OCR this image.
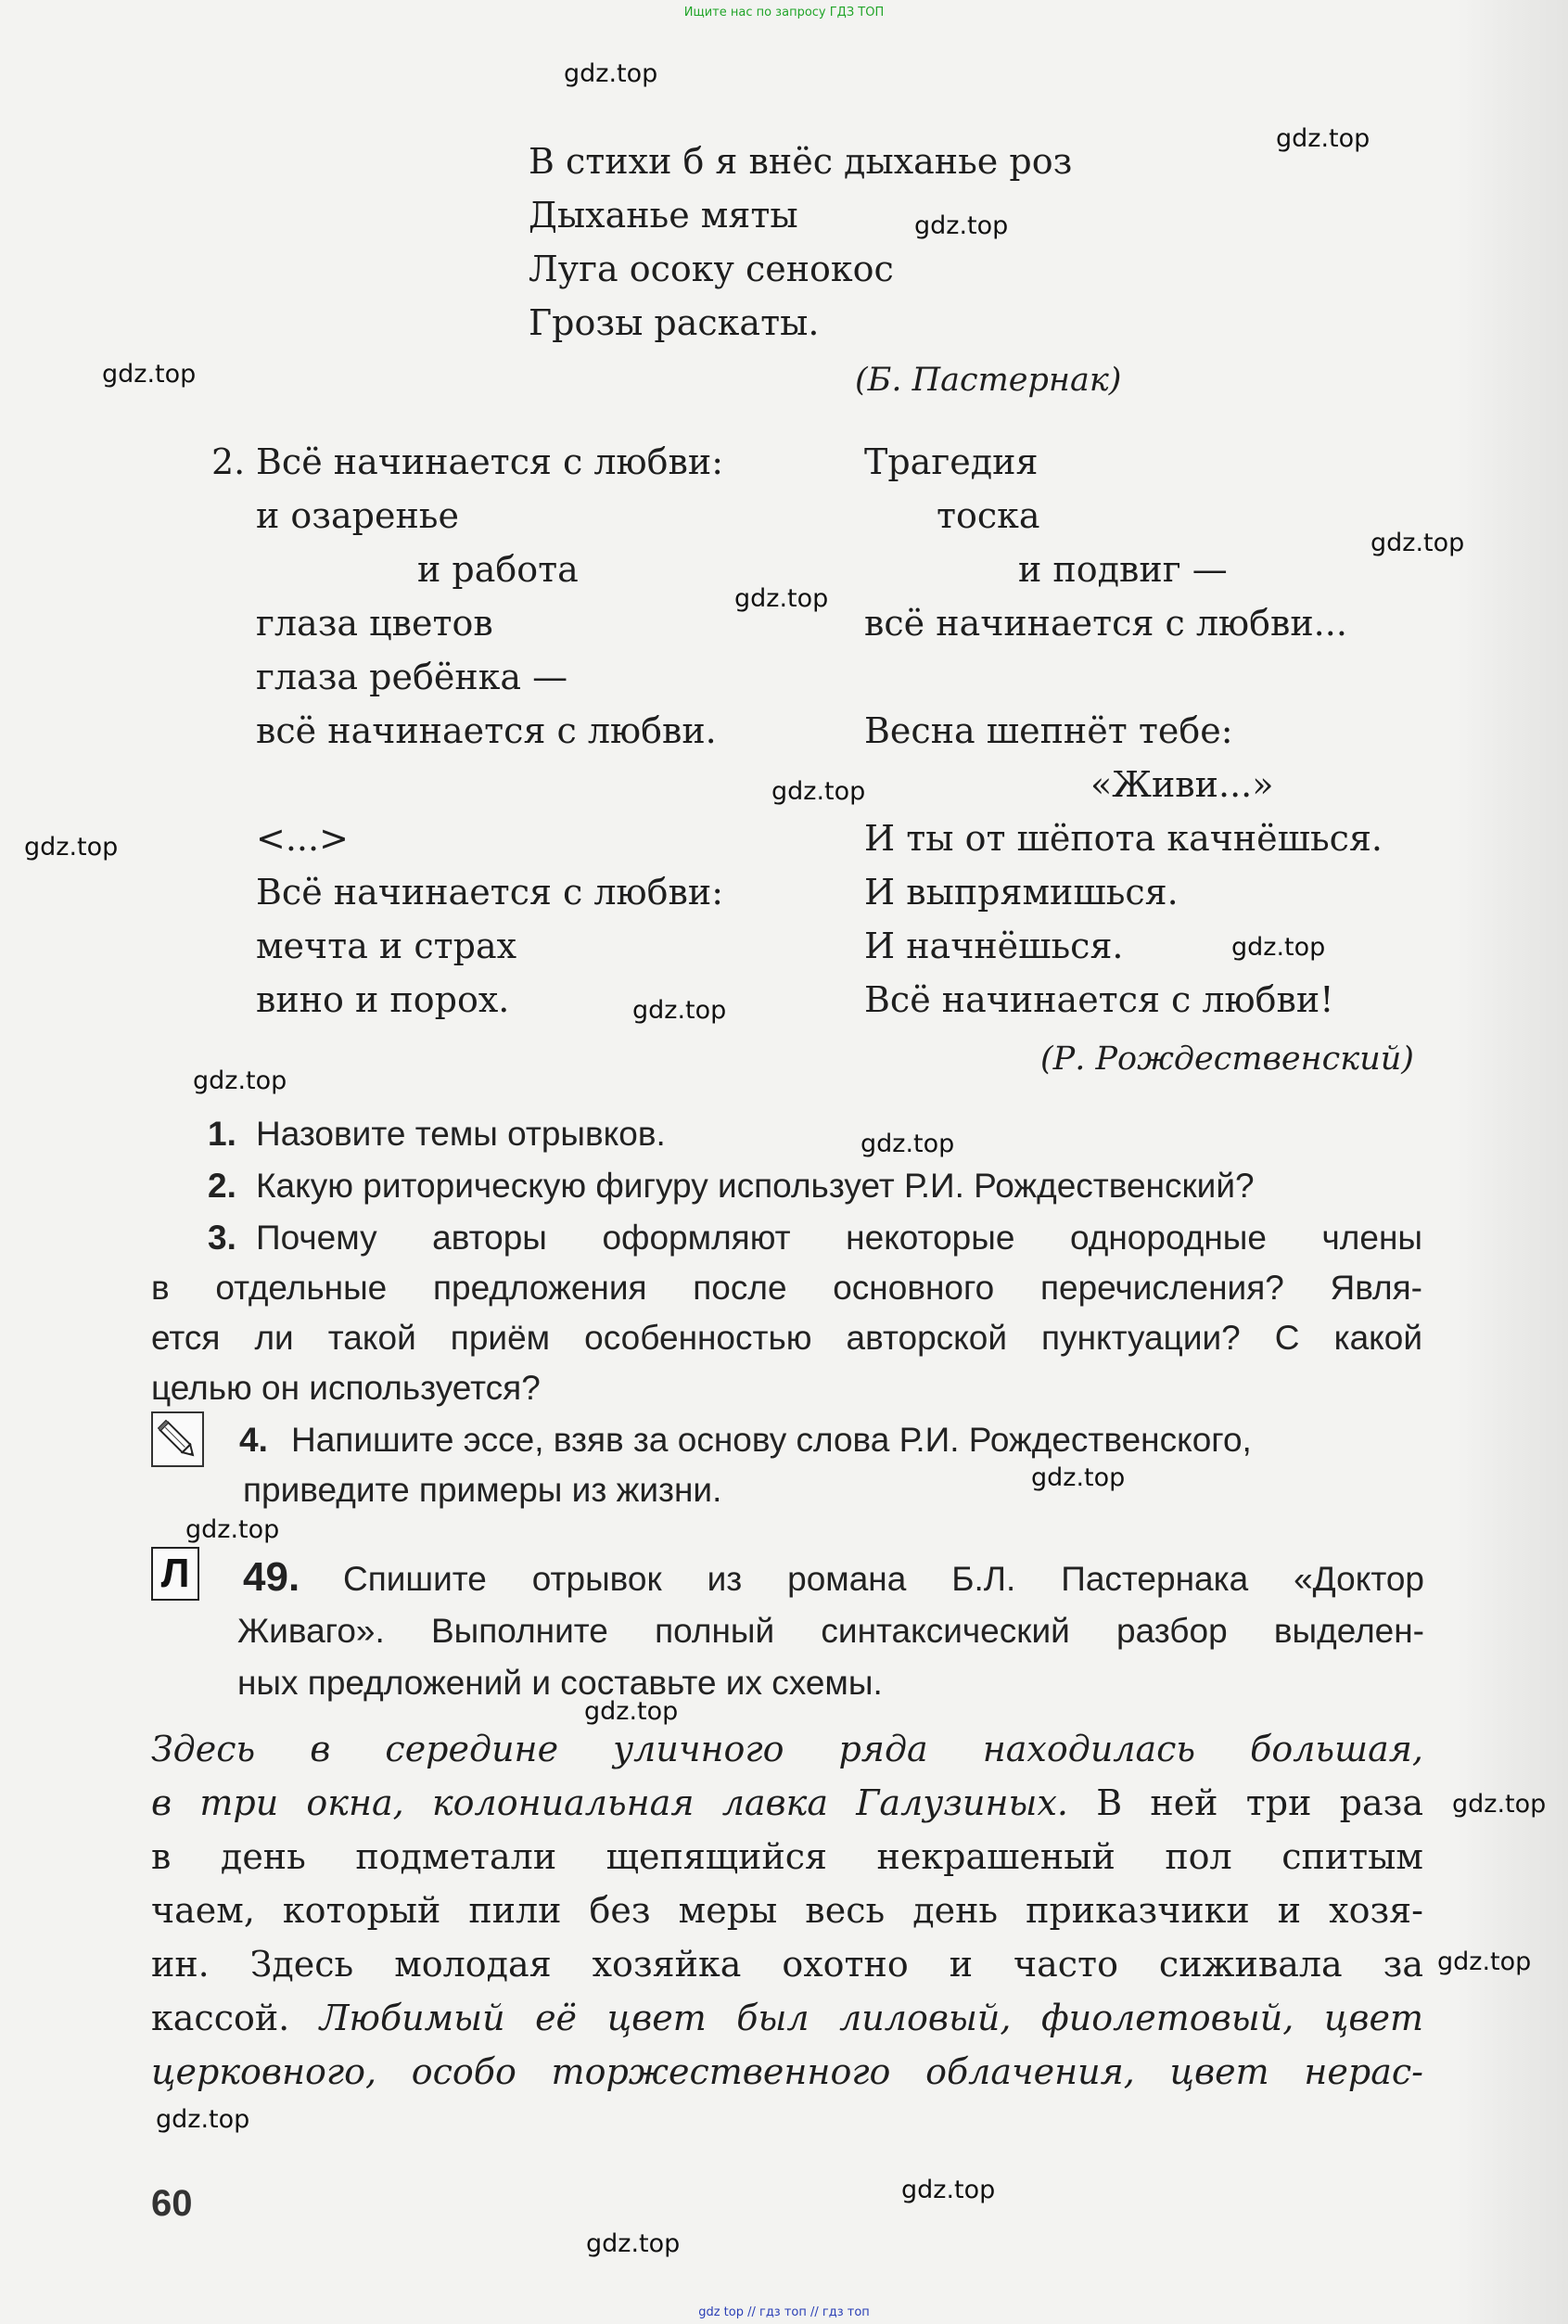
Ищите нас по запросу ГДЗ ТОП
В стихи б я внёс дыханье роз
Дыханье мяты
Луга осоку сенокос
Грозы раскаты.
(Б. Пастернак)
2. Всё начинается с любви:
и озаренье
и работа
глаза цветов
глаза ребёнка —
всё начинается с любви.
<...>
Всё начинается с любви:
мечта и страх
вино и порох.
Трагедия
тоска
и подвиг —
всё начинается с любви...
Весна шепнёт тебе:
«Живи...»
И ты от шёпота качнёшься.
И выпрямишься.
И начнёшься.
Всё начинается с любви!
(Р. Рождественский)
1. Назовите темы отрывков.
2. Какую риторическую фигуру использует Р.И. Рождественский?
3. Почему авторы оформляют некоторые однородные члены
в отдельные предложения после основного перечисления? Явля-
ется ли такой приём особенностью авторской пунктуации? С какой
целью он используется?
4. Напишите эссе, взяв за основу слова Р.И. Рождественского,
приведите примеры из жизни.
Л 49. Спишите отрывок из романа Б.Л. Пастернака «Доктор
Живаго». Выполните полный синтаксический разбор выделен-
ных предложений и составьте их схемы.
Здесь в середине уличного ряда находилась большая,
в три окна, колониальная лавка Галузиных. В ней три раза
в день подметали щепящийся некрашеный пол спитым
чаем, который пили без меры весь день приказчики и хозя-
ин. Здесь молодая хозяйка охотно и часто сиживала за
кассой. Любимый её цвет был лиловый, фиолетовый, цвет
церковного, особо торжественного облачения, цвет нерас-
60
gdz.top
gdz.top
gdz.top
gdz.top
gdz.top
gdz.top
gdz.top
gdz.top
gdz.top
gdz.top
gdz.top
gdz.top
gdz.top
gdz.top
gdz.top
gdz.top
gdz.top
gdz.top
gdz.top
gdz.top
gdz top // гдз топ // гдз топ
